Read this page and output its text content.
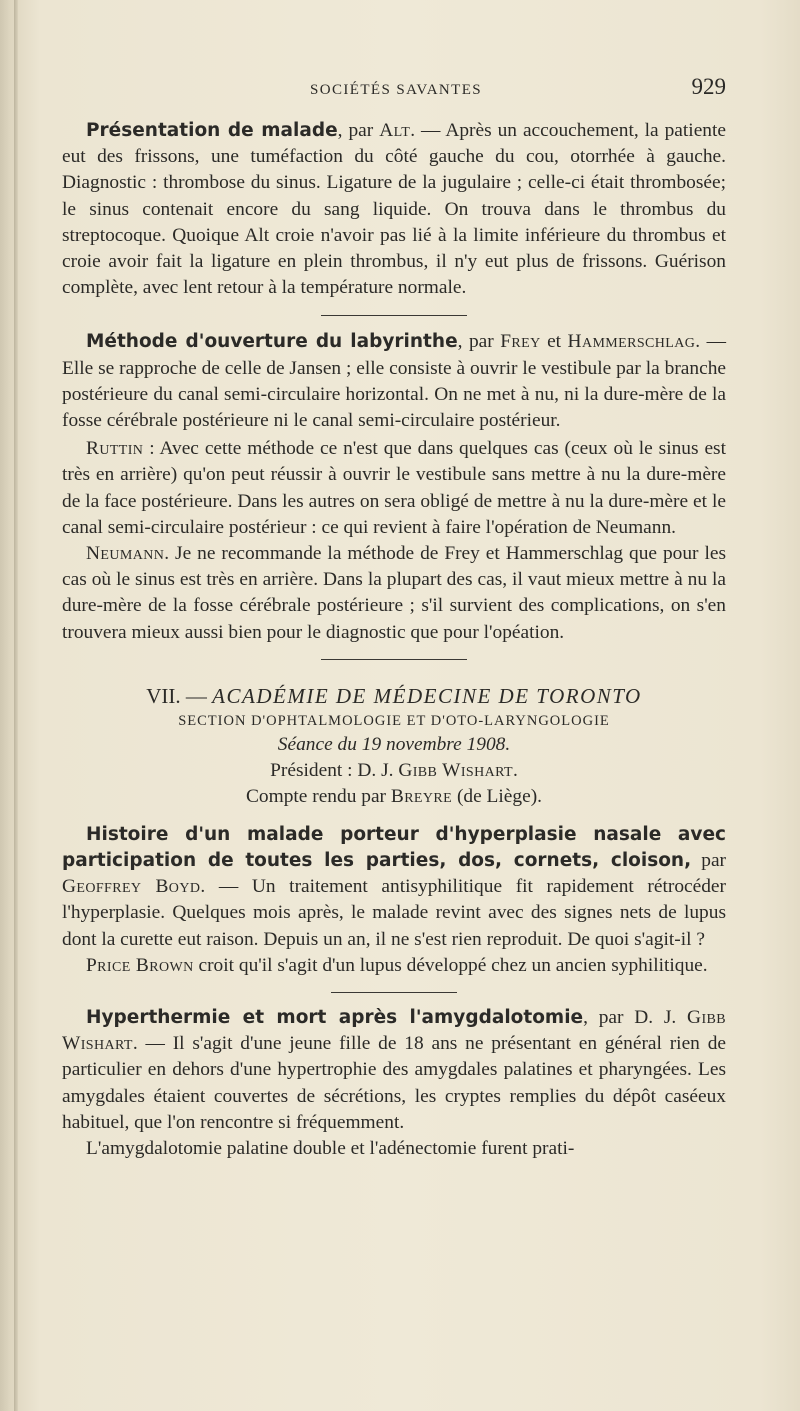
SOCIÉTÉS SAVANTES	929

Présentation de malade, par Alt. — Après un accouchement, la patiente eut des frissons, une tuméfaction du côté gauche du cou, otorrhée à gauche. Diagnostic : thrombose du sinus. Ligature de la jugulaire ; celle-ci était thrombosée; le sinus contenait encore du sang liquide. On trouva dans le thrombus du streptocoque. Quoique Alt croie n'avoir pas lié à la limite inférieure du thrombus et croie avoir fait la ligature en plein thrombus, il n'y eut plus de frissons. Guérison complète, avec lent retour à la température normale.

Méthode d'ouverture du labyrinthe, par Frey et Hammerschlag. — Elle se rapproche de celle de Jansen ; elle consiste à ouvrir le vestibule par la branche postérieure du canal semi-circulaire horizontal. On ne met à nu, ni la dure-mère de la fosse cérébrale postérieure ni le canal semi-circulaire postérieur.

Ruttin : Avec cette méthode ce n'est que dans quelques cas (ceux où le sinus est très en arrière) qu'on peut réussir à ouvrir le vestibule sans mettre à nu la dure-mère de la face postérieure. Dans les autres on sera obligé de mettre à nu la dure-mère et le canal semi-circulaire postérieur : ce qui revient à faire l'opération de Neumann.

Neumann. Je ne recommande la méthode de Frey et Hammerschlag que pour les cas où le sinus est très en arrière. Dans la plupart des cas, il vaut mieux mettre à nu la dure-mère de la fosse cérébrale postérieure ; s'il survient des complications, on s'en trouvera mieux aussi bien pour le diagnostic que pour l'opéation.

VII. — ACADÉMIE DE MÉDECINE DE TORONTO
SECTION D'OPHTALMOLOGIE ET D'OTO-LARYNGOLOGIE
Séance du 19 novembre 1908.
Président : D. J. Gibb Wishart.
Compte rendu par Breyre (de Liège).

Histoire d'un malade porteur d'hyperplasie nasale avec participation de toutes les parties, dos, cornets, cloison, par Geoffrey Boyd. — Un traitement antisyphilitique fit rapidement rétrocéder l'hyperplasie. Quelques mois après, le malade revint avec des signes nets de lupus dont la curette eut raison. Depuis un an, il ne s'est rien reproduit. De quoi s'agit-il ?

Price Brown croit qu'il s'agit d'un lupus développé chez un ancien syphilitique.

Hyperthermie et mort après l'amygdalotomie, par D. J. Gibb Wishart. — Il s'agit d'une jeune fille de 18 ans ne présentant en général rien de particulier en dehors d'une hypertrophie des amygdales palatines et pharyngées. Les amygdales étaient couvertes de sécrétions, les cryptes remplies du dépôt caséeux habituel, que l'on rencontre si fréquemment.

L'amygdalotomie palatine double et l'adénectomie furent prati-
